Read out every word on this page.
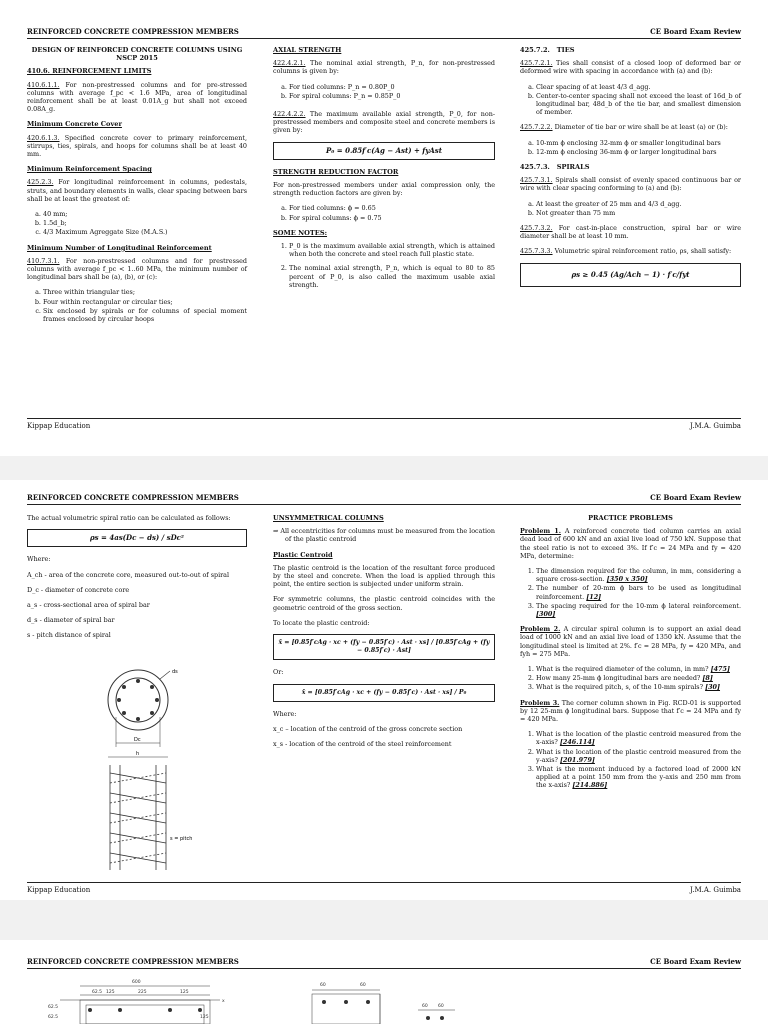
REINFORCED CONCRETE COMPRESSION MEMBERS	CE Board Exam Review
DESIGN OF REINFORCED CONCRETE COLUMNS USING NSCP 2015
410.6. REINFORCEMENT LIMITS

410.6.1.1. For non-prestressed columns and for pre-stressed columns with average f_pc < 1.6 MPa, area of longitudinal reinforcement shall be at least 0.01A_g but shall not exceed 0.08A_g.

Minimum Concrete Cover

420.6.1.3. Specified concrete cover to primary reinforcement, stirrups, ties, spirals, and hoops for columns shall be at least 40 mm.

Minimum Reinforcement Spacing

425.2.3. For longitudinal reinforcement in columns, pedestals, struts, and boundary elements in walls, clear spacing between bars shall be at least the greatest of:

a. 40 mm;
b. 1.5d_b;
c. 4/3 Maximum Agreggate Size (M.A.S.)
Minimum Number of Longitudinal Reinforcement

410.7.3.1. For non-prestressed columns and for prestressed columns with average f_pc < 1..60 MPa, the minimum number of longitudinal bars shall be (a), (b), or (c):

a. Three within triangular ties;
b. Four within rectangular or circular ties;
c. Six enclosed by spirals or for columns of special moment frames enclosed by circular hoops
AXIAL STRENGTH

422.4.2.1. The nominal axial strength, P_n, for non-prestressed columns is given by:

a. For tied columns: P_n = 0.80P_0
b. For spiral columns: P_n = 0.85P_0

422.4.2.2. The maximum available axial strength, P_0, for non-prestressed members and composite steel and concrete members is given by:

P₀ = 0.85f′c(Ag − Ast) + fyAst
STRENGTH REDUCTION FACTOR

For non-prestressed members under axial compression only, the strength reduction factors are given by:

a. For tied columns: ϕ = 0.65
b. For spiral columns: ϕ = 0.75
SOME NOTES:
1. P_0 is the maximum available axial strength, which is attained when both the concrete and steel reach full plastic state.
2. The nominal axial strength, P_n, which is equal to 80 to 85 percent of P_0, is also called the maximum usable axial strength.
425.7.2. TIES

425.7.2.1. Ties shall consist of a closed loop of deformed bar or deformed wire with spacing in accordance with (a) and (b):

a. Clear spacing of at least 4/3 d_agg.
b. Center-to-center spacing shall not exceed the least of 16d_b of longitudinal bar, 48d_b of the tie bar, and smallest dimension of member.

425.7.2.2. Diameter of tie bar or wire shall be at least (a) or (b):

a. 10-mm ϕ enclosing 32-mm ϕ or smaller longitudinal bars
b. 12-mm ϕ enclosing 36-mm ϕ or larger longitudinal bars
425.7.3. SPIRALS

425.7.3.1. Spirals shall consist of evenly spaced continuous bar or wire with clear spacing conforming to (a) and (b):

a. At least the greater of 25 mm and 4/3 d_agg.
b. Not greater than 75 mm

425.7.3.2. For cast-in-place construction, spiral bar or wire diameter shall be at least 10 mm.

425.7.3.3. Volumetric spiral reinforcement ratio, ρs, shall satisfy:

ρs ≥ 0.45 (Ag/Ach − 1) · f′c/fyt
Kippap Education	J.M.A. Guimba
REINFORCED CONCRETE COMPRESSION MEMBERS	CE Board Exam Review

The actual volumetric spiral ratio can be calculated as follows:

ρs = 4as(Dc − ds) / sDc²

Where:

A_ch - area of the concrete core, measured out-to-out of spiral

D_c - diameter of concrete core

a_s - cross-sectional area of spiral bar

d_s - diameter of spiral bar

s - pitch distance of spiral

ds
Dc
h
s = pitch
UNSYMMETRICAL COLUMNS

⇒ All eccentricities for columns must be measured from the location of the plastic centroid

Plastic Centroid

The plastic centroid is the location of the resultant force produced by the steel and concrete. When the load is applied through this point, the entire section is subjected under uniform strain.

For symmetric columns, the plastic centroid coincides with the geometric centroid of the gross section.

To locate the plastic centroid:

x̄ = [0.85f′cAg · xc + (fy − 0.85f′c) · Ast · xs] / [0.85f′cAg + (fy − 0.85f′c) · Ast]

Or:

x̄ = [0.85f′cAg · xc + (fy − 0.85f′c) · Ast · xs] / P₀

Where:

x_c – location of the centroid of the gross concrete section

x_s - location of the centroid of the steel reinforcement

PRACTICE PROBLEMS

Problem 1. A reinforced concrete tied column carries an axial dead load of 600 kN and an axial live load of 750 kN. Suppose that the steel ratio is not to exceed 3%. If f′c = 24 MPa and fy = 420 MPa, determine:

1. The dimension required for the column, in mm, considering a square cross-section. [350 x 350]
2. The number of 20-mm ϕ bars to be used as longitudinal reinforcement. [12]
3. The spacing required for the 10-mm ϕ lateral reinforcement. [300]

Problem 2. A circular spiral column is to support an axial dead load of 1000 kN and an axial live load of 1350 kN. Assume that the longitudinal steel is limited at 2%. f′c = 28 MPa, fy = 420 MPa, and fyh = 275 MPa.

1. What is the required diameter of the column, in mm? [475]
2. How many 25-mm ϕ longitudinal bars are needed? [8]
3. What is the required pitch, s, of the 10-mm spirals? [30]

Problem 3. The corner column shown in Fig. RCD-01 is supported by 12 25-mm ϕ longitudinal bars. Suppose that f′c = 24 MPa and fy = 420 MPa.

1. What is the location of the plastic centroid measured from the x-axis? [246.114]
2. What is the location of the plastic centroid measured from the y-axis? [201.979]
3. What is the moment induced by a factored load of 2000 kN applied at a point 150 mm from the y-axis and 250 mm from the x-axis? [214.886]
Kippap Education	J.M.A. Guimba
REINFORCED CONCRETE COMPRESSION MEMBERS	CE Board Exam Review
600
62.5
125	225	125
62.5
62.5	125
x
60	60
60 60
